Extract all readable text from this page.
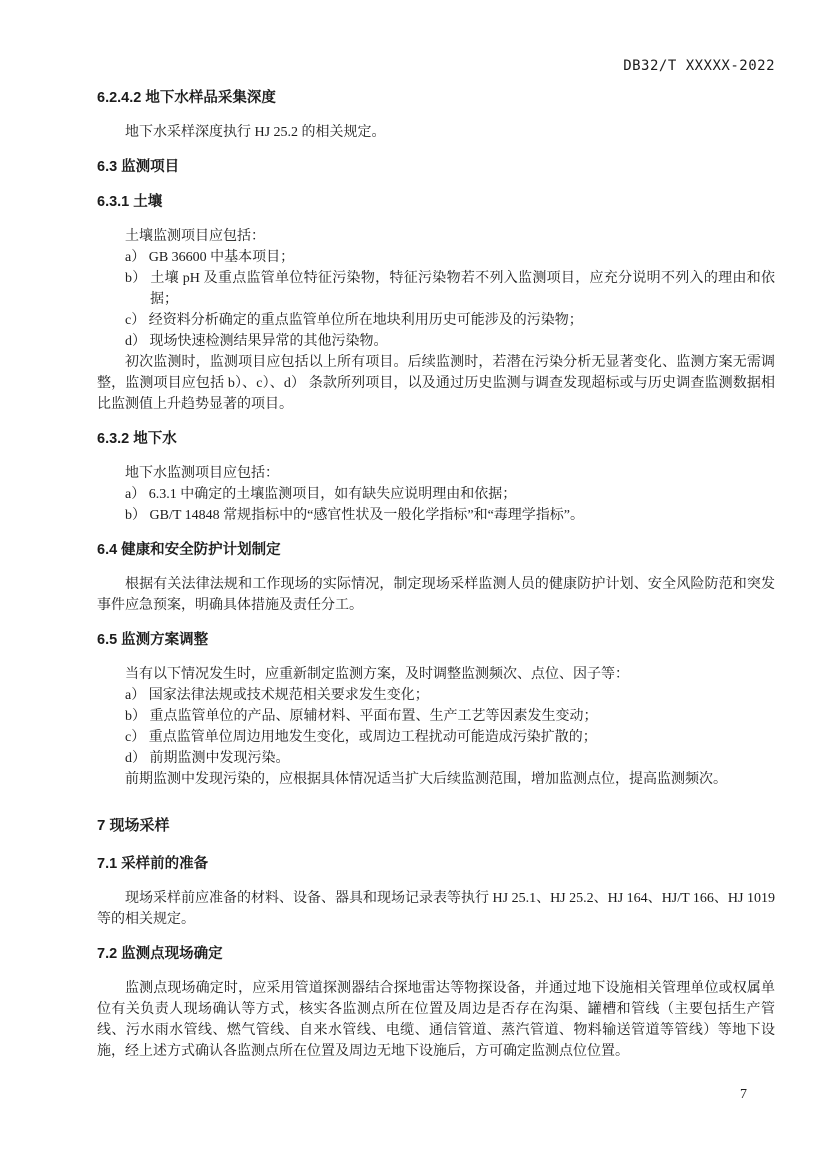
DB32/T XXXXX-2022

6.2.4.2 地下水样品采集深度

地下水采样深度执行 HJ 25.2 的相关规定。

6.3 监测项目

6.3.1 土壤

土壤监测项目应包括：

a） GB 36600 中基本项目；

b） 土壤 pH 及重点监管单位特征污染物，特征污染物若不列入监测项目，应充分说明不列入的理由和依据；

c） 经资料分析确定的重点监管单位所在地块利用历史可能涉及的污染物；

d） 现场快速检测结果异常的其他污染物。

初次监测时，监测项目应包括以上所有项目。后续监测时，若潜在污染分析无显著变化、监测方案无需调整，监测项目应包括 b）、c）、d） 条款所列项目，以及通过历史监测与调查发现超标或与历史调查监测数据相比监测值上升趋势显著的项目。

6.3.2 地下水

地下水监测项目应包括：

a） 6.3.1 中确定的土壤监测项目，如有缺失应说明理由和依据；

b） GB/T 14848 常规指标中的“感官性状及一般化学指标”和“毒理学指标”。

6.4 健康和安全防护计划制定

根据有关法律法规和工作现场的实际情况，制定现场采样监测人员的健康防护计划、安全风险防范和突发事件应急预案，明确具体措施及责任分工。

6.5 监测方案调整

当有以下情况发生时，应重新制定监测方案，及时调整监测频次、点位、因子等：

a） 国家法律法规或技术规范相关要求发生变化；

b） 重点监管单位的产品、原辅材料、平面布置、生产工艺等因素发生变动；

c） 重点监管单位周边用地发生变化，或周边工程扰动可能造成污染扩散的；

d） 前期监测中发现污染。

前期监测中发现污染的，应根据具体情况适当扩大后续监测范围，增加监测点位，提高监测频次。

7 现场采样

7.1 采样前的准备

现场采样前应准备的材料、设备、器具和现场记录表等执行 HJ 25.1、HJ 25.2、HJ 164、HJ/T 166、HJ 1019 等的相关规定。

7.2 监测点现场确定

监测点现场确定时，应采用管道探测器结合探地雷达等物探设备，并通过地下设施相关管理单位或权属单位有关负责人现场确认等方式，核实各监测点所在位置及周边是否存在沟渠、罐槽和管线（主要包括生产管线、污水雨水管线、燃气管线、自来水管线、电缆、通信管道、蒸汽管道、物料输送管道等管线）等地下设施，经上述方式确认各监测点所在位置及周边无地下设施后，方可确定监测点位位置。

7
